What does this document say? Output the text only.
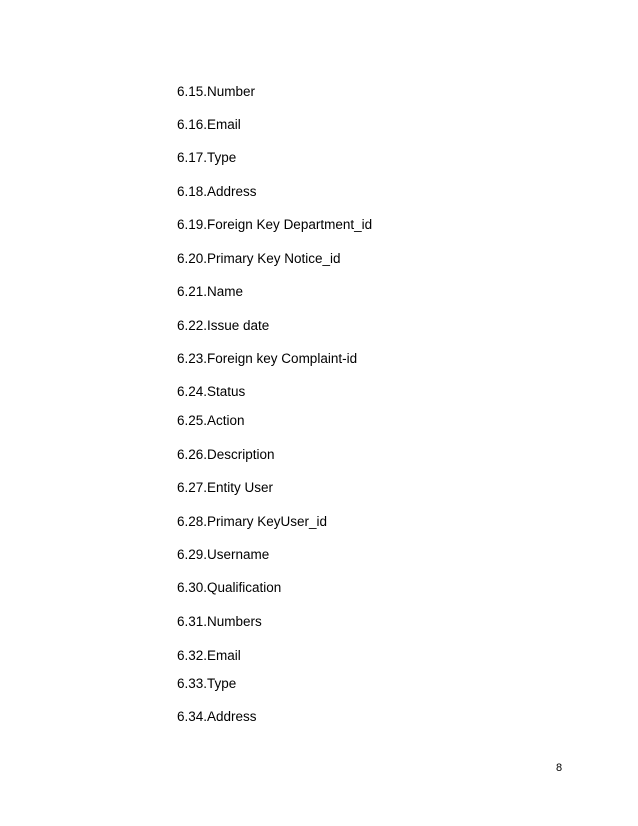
6.15.Number
6.16.Email
6.17.Type
6.18.Address
6.19.Foreign Key Department_id
6.20.Primary Key Notice_id
6.21.Name
6.22.Issue date
6.23.Foreign key Complaint-id
6.24.Status
6.25.Action
6.26.Description
6.27.Entity User
6.28.Primary KeyUser_id
6.29.Username
6.30.Qualification
6.31.Numbers
6.32.Email
6.33.Type
6.34.Address
8
